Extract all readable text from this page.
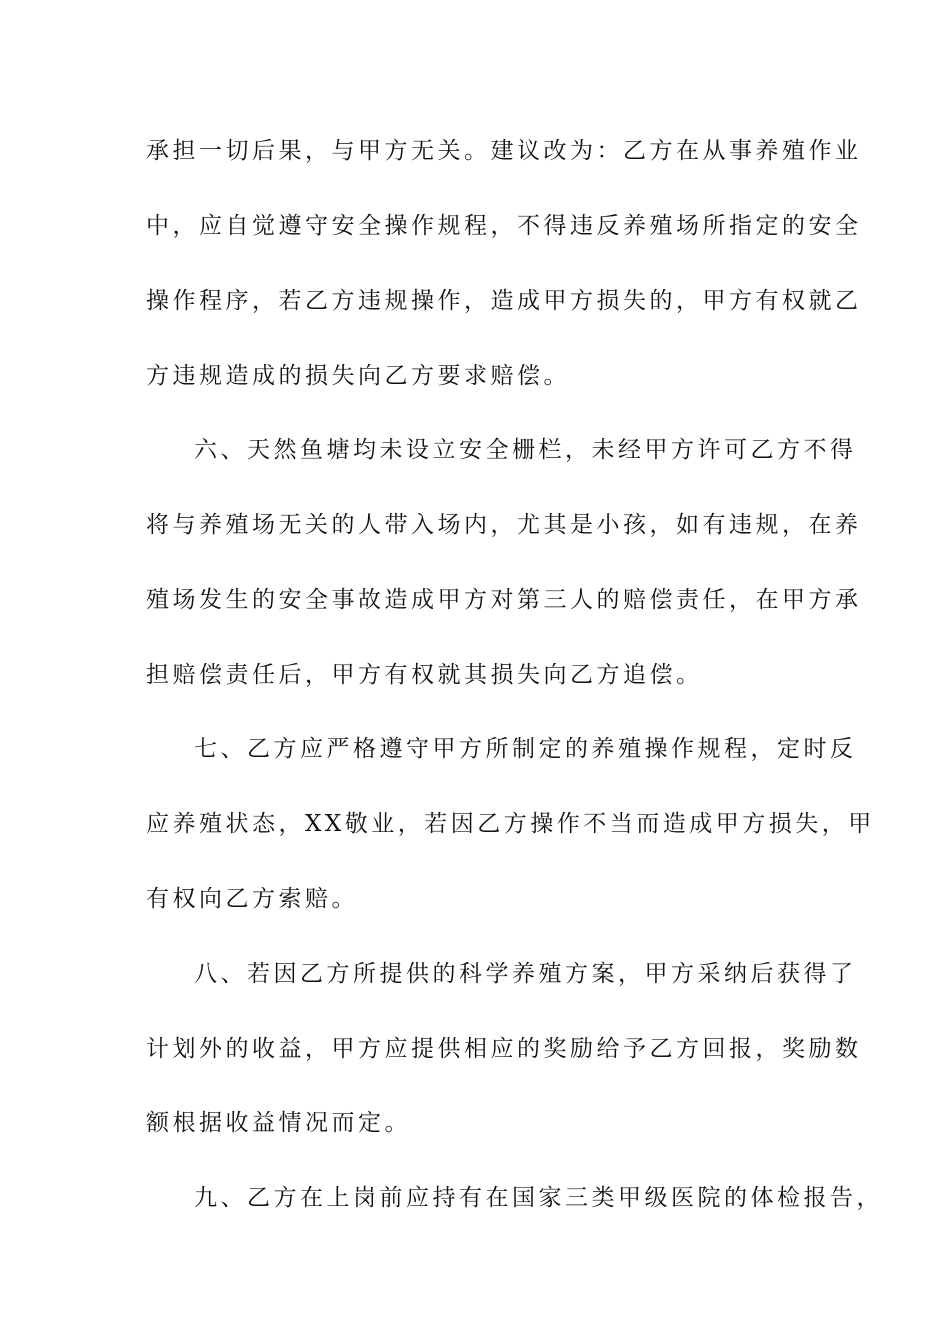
承担一切后果，与甲方无关。建议改为：乙方在从事养殖作业
中，应自觉遵守安全操作规程，不得违反养殖场所指定的安全
操作程序，若乙方违规操作，造成甲方损失的，甲方有权就乙
方违规造成的损失向乙方要求赔偿。
六、天然鱼塘均未设立安全栅栏，未经甲方许可乙方不得
将与养殖场无关的人带入场内，尤其是小孩，如有违规，在养
殖场发生的安全事故造成甲方对第三人的赔偿责任，在甲方承
担赔偿责任后，甲方有权就其损失向乙方追偿。
七、乙方应严格遵守甲方所制定的养殖操作规程，定时反
应养殖状态，XX敬业，若因乙方操作不当而造成甲方损失，甲
有权向乙方索赔。
八、若因乙方所提供的科学养殖方案，甲方采纳后获得了
计划外的收益，甲方应提供相应的奖励给予乙方回报，奖励数
额根据收益情况而定。
九、乙方在上岗前应持有在国家三类甲级医院的体检报告，
